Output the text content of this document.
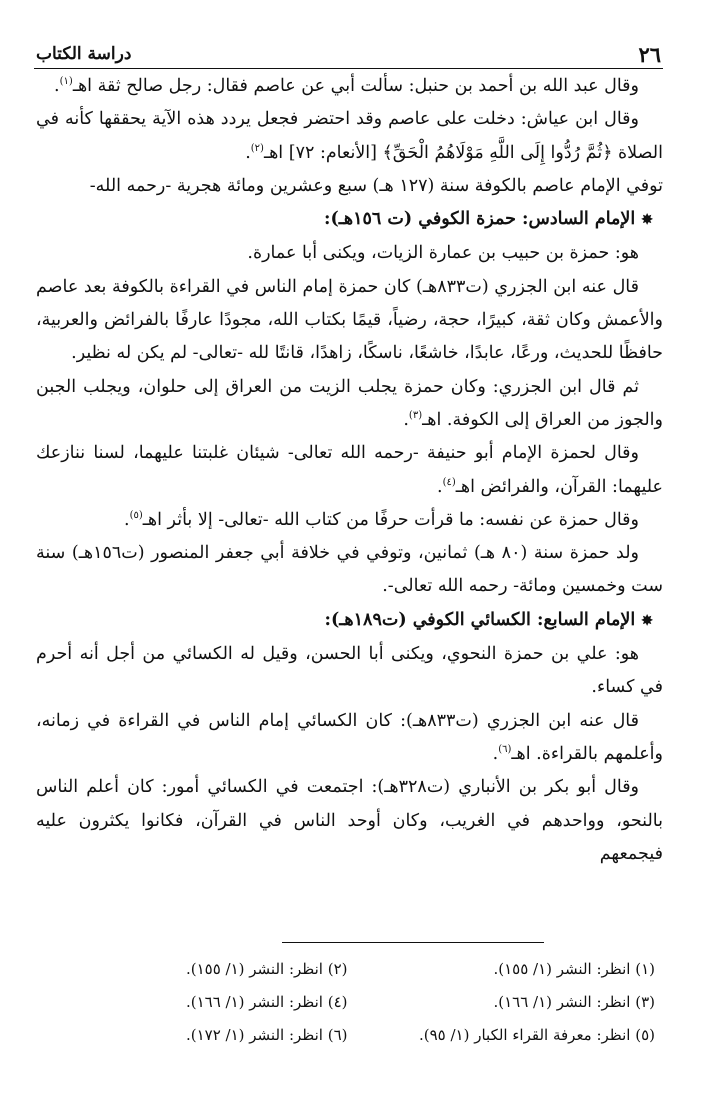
٢٦
دراسة الكتاب

وقال عبد الله بن أحمد بن حنبل: سألت أبي عن عاصم فقال: رجل صالح ثقة اهـ$^{(١)}$.

وقال ابن عياش: دخلت على عاصم وقد احتضر فجعل يردد هذه الآية يحققها كأنه في الصلاة ﴿ثُمَّ رُدُّوا إِلَى اللَّهِ مَوْلَاهُمُ الْحَقِّ﴾ [الأنعام: ٧٢] اهـ$^{(٢)}$.

توفي الإمام عاصم بالكوفة سنة (١٢٧ هـ) سبع وعشرين ومائة هجرية -رحمه الله-

✸الإمام السادس: حمزة الكوفي (ت ١٥٦هـ):

هو: حمزة بن حبيب بن عمارة الزيات، ويكنى أبا عمارة.

قال عنه ابن الجزري (ت٨٣٣هـ) كان حمزة إمام الناس في القراءة بالكوفة بعد عاصم والأعمش وكان ثقة، كبيرًا، حجة، رضياً، قيمًا بكتاب الله، مجودًا عارفًا بالفرائض والعربية، حافظًا للحديث، ورعًا، عابدًا، خاشعًا، ناسكًا، زاهدًا، قانتًا لله -تعالى- لم يكن له نظير.

ثم قال ابن الجزري: وكان حمزة يجلب الزيت من العراق إلى حلوان، ويجلب الجبن والجوز من العراق إلى الكوفة. اهـ$^{(٣)}$.

وقال لحمزة الإمام أبو حنيفة -رحمه الله تعالى- شيئان غلبتنا عليهما، لسنا ننازعك عليهما: القرآن، والفرائض اهـ$^{(٤)}$.

وقال حمزة عن نفسه: ما قرأت حرفًا من كتاب الله -تعالى- إلا بأثر اهـ$^{(٥)}$.

ولد حمزة سنة (٨٠ هـ) ثمانين، وتوفي في خلافة أبي جعفر المنصور (ت١٥٦هـ) سنة ست وخمسين ومائة- رحمه الله تعالى-.

✸الإمام السابع: الكسائي الكوفي (ت١٨٩هـ):

هو: علي بن حمزة النحوي، ويكنى أبا الحسن، وقيل له الكسائي من أجل أنه أحرم في كساء.

قال عنه ابن الجزري (ت٨٣٣هـ): كان الكسائي إمام الناس في القراءة في زمانه، وأعلمهم بالقراءة. اهـ$^{(٦)}$.

وقال أبو بكر بن الأنباري (ت٣٢٨هـ): اجتمعت في الكسائي أمور: كان أعلم الناس بالنحو، وواحدهم في الغريب، وكان أوحد الناس في القرآن، فكانوا يكثرون عليه فيجمعهم

(١) انظر: النشر (١/ ١٥٥).
(٢) انظر: النشر (١/ ١٥٥).
(٣) انظر: النشر (١/ ١٦٦).
(٤) انظر: النشر (١/ ١٦٦).
(٥) انظر: معرفة القراء الكبار (١/ ٩٥).
(٦) انظر: النشر (١/ ١٧٢).
